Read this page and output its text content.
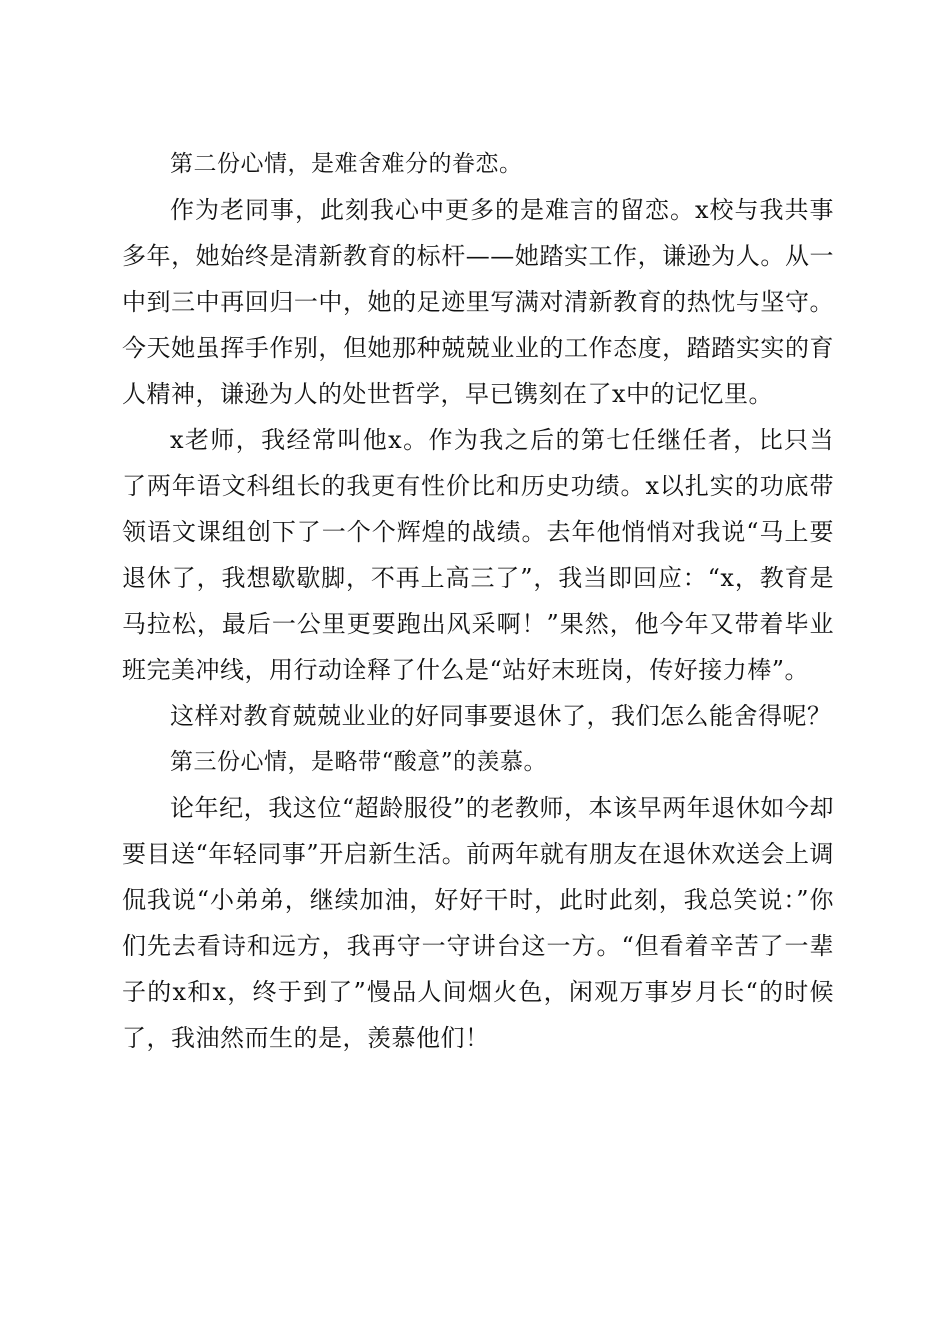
第二份心情，是难舍难分的眷恋。

作为老同事，此刻我心中更多的是难言的留恋。x校与我共事多年，她始终是清新教育的标杆——她踏实工作，谦逊为人。从一中到三中再回归一中，她的足迹里写满对清新教育的热忱与坚守。今天她虽挥手作别，但她那种兢兢业业的工作态度，踏踏实实的育人精神，谦逊为人的处世哲学，早已镌刻在了x中的记忆里。

x老师，我经常叫他x。作为我之后的第七任继任者，比只当了两年语文科组长的我更有性价比和历史功绩。x以扎实的功底带领语文课组创下了一个个辉煌的战绩。去年他悄悄对我说“马上要退休了，我想歇歇脚，不再上高三了”，我当即回应：“x，教育是马拉松，最后一公里更要跑出风采啊！”果然，他今年又带着毕业班完美冲线，用行动诠释了什么是“站好末班岗，传好接力棒”。

这样对教育兢兢业业的好同事要退休了，我们怎么能舍得呢？

第三份心情，是略带“酸意”的羡慕。

论年纪，我这位“超龄服役”的老教师，本该早两年退休如今却要目送“年轻同事”开启新生活。前两年就有朋友在退休欢送会上调侃我说“小弟弟，继续加油，好好干时，此时此刻，我总笑说：”你们先去看诗和远方，我再守一守讲台这一方。“但看着辛苦了一辈子的x和x，终于到了”慢品人间烟火色，闲观万事岁月长“的时候了，我油然而生的是，羡慕他们！
